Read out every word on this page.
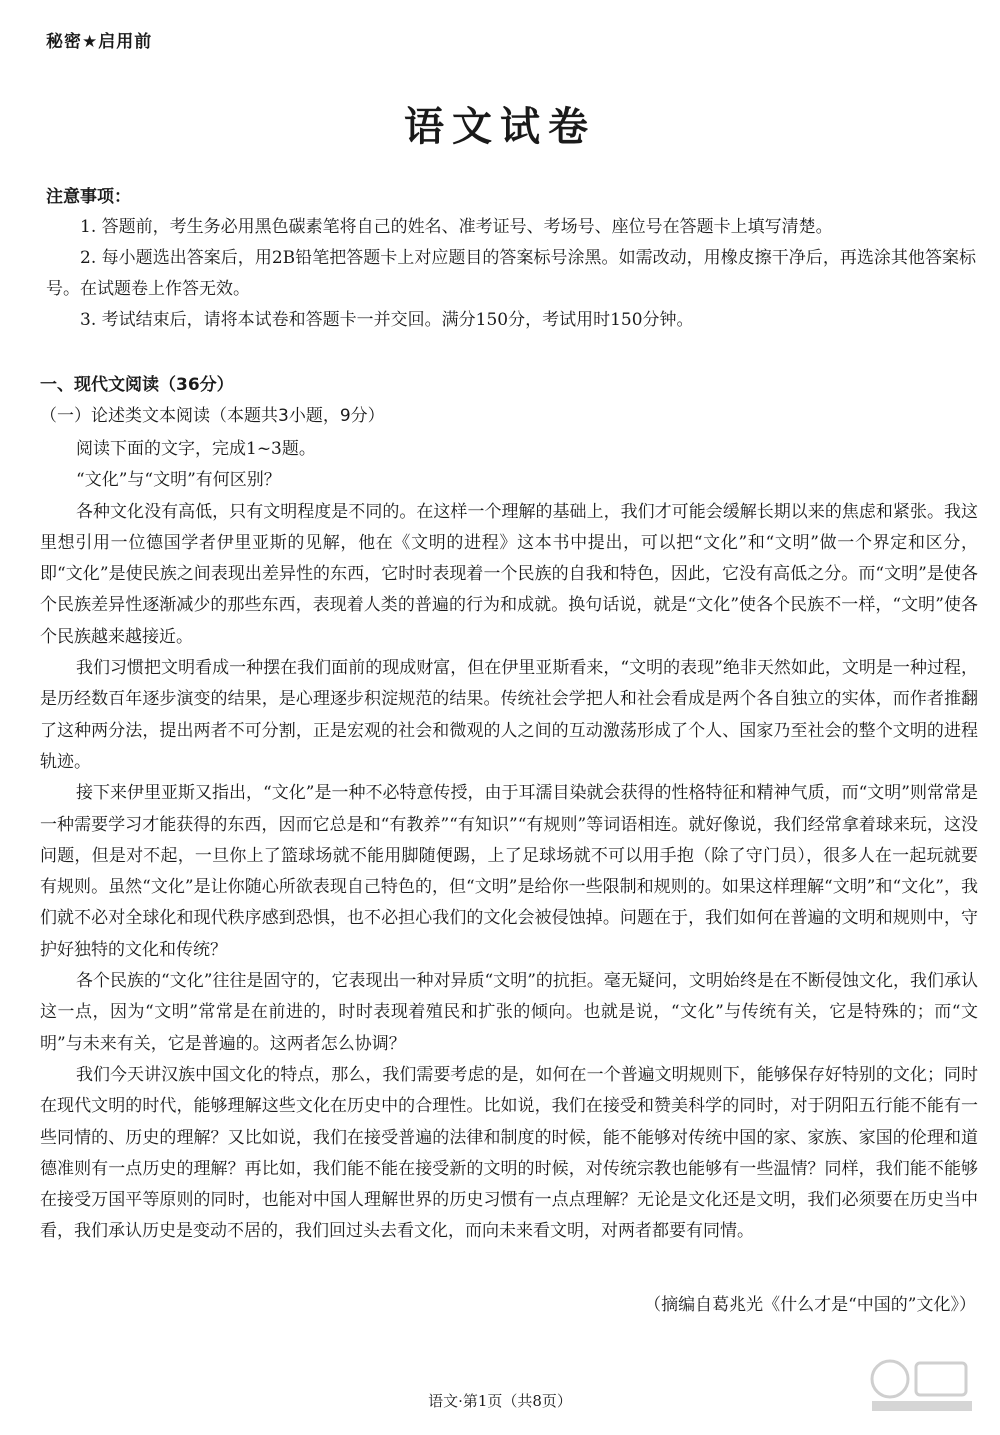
秘密★启用前
语文试卷
注意事项：

1. 答题前，考生务必用黑色碳素笔将自己的姓名、准考证号、考场号、座位号在答题卡上填写清楚。

2. 每小题选出答案后，用2B铅笔把答题卡上对应题目的答案标号涂黑。如需改动，用橡皮擦干净后，再选涂其他答案标号。在试题卷上作答无效。

3. 考试结束后，请将本试卷和答题卡一并交回。满分150分，考试用时150分钟。

一、现代文阅读（36分）
（一）论述类文本阅读（本题共3小题，9分）

阅读下面的文字，完成1~3题。

“文化”与“文明”有何区别？

各种文化没有高低，只有文明程度是不同的。在这样一个理解的基础上，我们才可能会缓解长期以来的焦虑和紧张。我这里想引用一位德国学者伊里亚斯的见解，他在《文明的进程》这本书中提出，可以把“文化”和“文明”做一个界定和区分，即“文化”是使民族之间表现出差异性的东西，它时时表现着一个民族的自我和特色，因此，它没有高低之分。而“文明”是使各个民族差异性逐渐减少的那些东西，表现着人类的普遍的行为和成就。换句话说，就是“文化”使各个民族不一样，“文明”使各个民族越来越接近。

我们习惯把文明看成一种摆在我们面前的现成财富，但在伊里亚斯看来，“文明的表现”绝非天然如此，文明是一种过程，是历经数百年逐步演变的结果，是心理逐步积淀规范的结果。传统社会学把人和社会看成是两个各自独立的实体，而作者推翻了这种两分法，提出两者不可分割，正是宏观的社会和微观的人之间的互动激荡形成了个人、国家乃至社会的整个文明的进程轨迹。

接下来伊里亚斯又指出，“文化”是一种不必特意传授，由于耳濡目染就会获得的性格特征和精神气质，而“文明”则常常是一种需要学习才能获得的东西，因而它总是和“有教养”“有知识”“有规则”等词语相连。就好像说，我们经常拿着球来玩，这没问题，但是对不起，一旦你上了篮球场就不能用脚随便踢，上了足球场就不可以用手抱（除了守门员），很多人在一起玩就要有规则。虽然“文化”是让你随心所欲表现自己特色的，但“文明”是给你一些限制和规则的。如果这样理解“文明”和“文化”，我们就不必对全球化和现代秩序感到恐惧，也不必担心我们的文化会被侵蚀掉。问题在于，我们如何在普遍的文明和规则中，守护好独特的文化和传统？

各个民族的“文化”往往是固守的，它表现出一种对异质“文明”的抗拒。毫无疑问，文明始终是在不断侵蚀文化，我们承认这一点，因为“文明”常常是在前进的，时时表现着殖民和扩张的倾向。也就是说，“文化”与传统有关，它是特殊的；而“文明”与未来有关，它是普遍的。这两者怎么协调？

我们今天讲汉族中国文化的特点，那么，我们需要考虑的是，如何在一个普遍文明规则下，能够保存好特别的文化；同时在现代文明的时代，能够理解这些文化在历史中的合理性。比如说，我们在接受和赞美科学的同时，对于阴阳五行能不能有一些同情的、历史的理解？又比如说，我们在接受普遍的法律和制度的时候，能不能够对传统中国的家、家族、家国的伦理和道德准则有一点历史的理解？再比如，我们能不能在接受新的文明的时候，对传统宗教也能够有一些温情？同样，我们能不能够在接受万国平等原则的同时，也能对中国人理解世界的历史习惯有一点点理解？无论是文化还是文明，我们必须要在历史当中看，我们承认历史是变动不居的，我们回过头去看文化，而向未来看文明，对两者都要有同情。

（摘编自葛兆光《什么才是“中国的”文化》）
语文·第1页（共8页）
